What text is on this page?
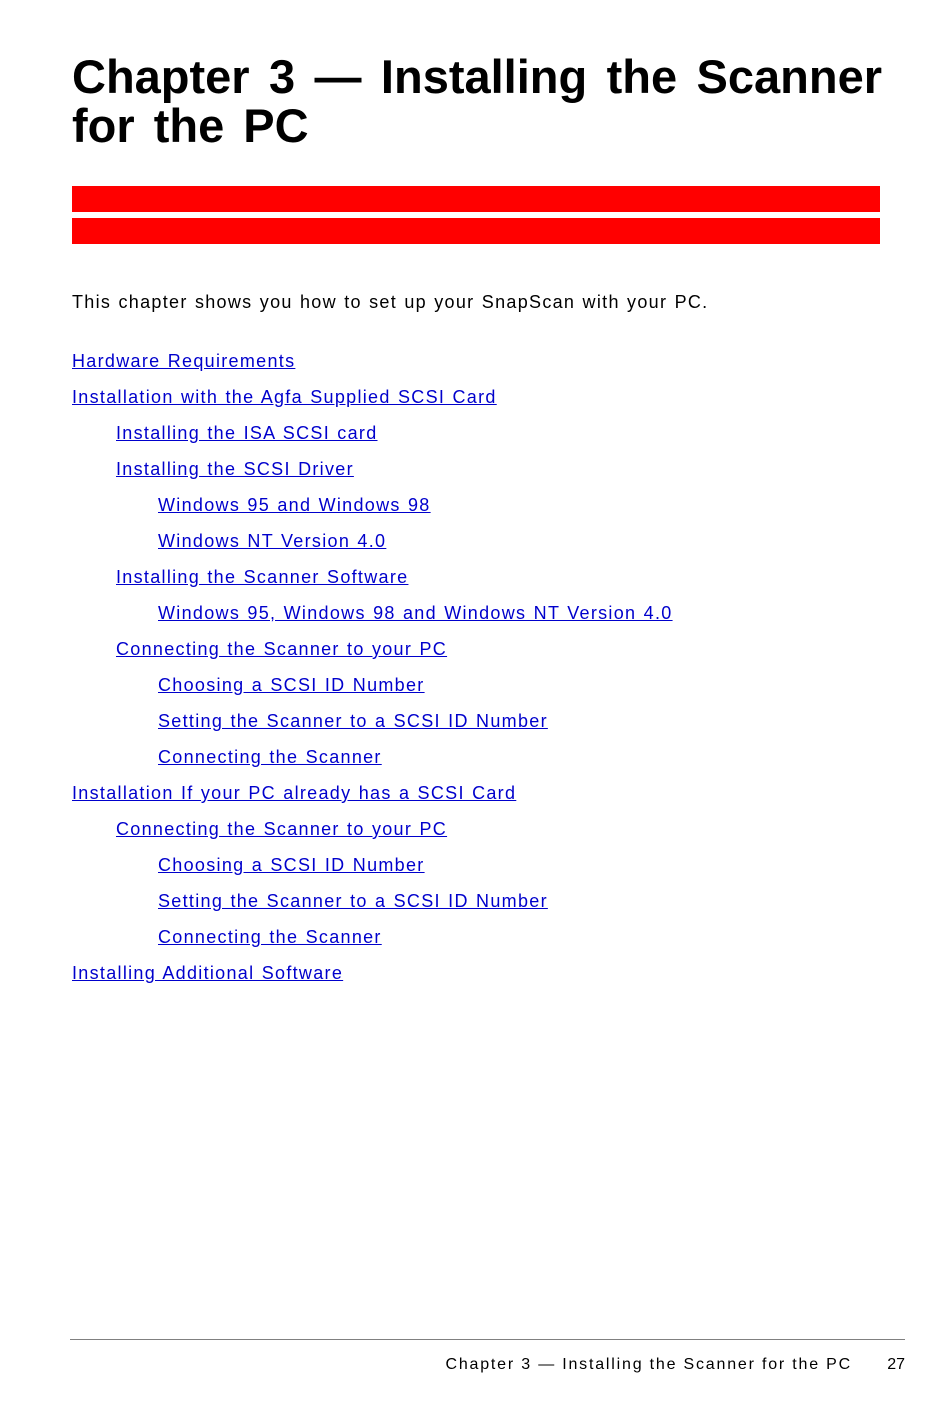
Chapter 3 — Installing the Scanner for the PC

This chapter shows you how to set up your SnapScan with your PC.

Hardware Requirements
Installation with the Agfa Supplied SCSI Card
Installing the ISA SCSI card
Installing the SCSI Driver
Windows 95 and Windows 98
Windows NT Version 4.0
Installing the Scanner Software
Windows 95, Windows 98 and Windows NT Version 4.0
Connecting the Scanner to your PC
Choosing a SCSI ID Number
Setting the Scanner to a SCSI ID Number
Connecting the Scanner
Installation If your PC already has a SCSI Card
Connecting the Scanner to your PC
Choosing a SCSI ID Number
Setting the Scanner to a SCSI ID Number
Connecting the Scanner
Installing Additional Software
Chapter 3 — Installing the Scanner for the PC 27
